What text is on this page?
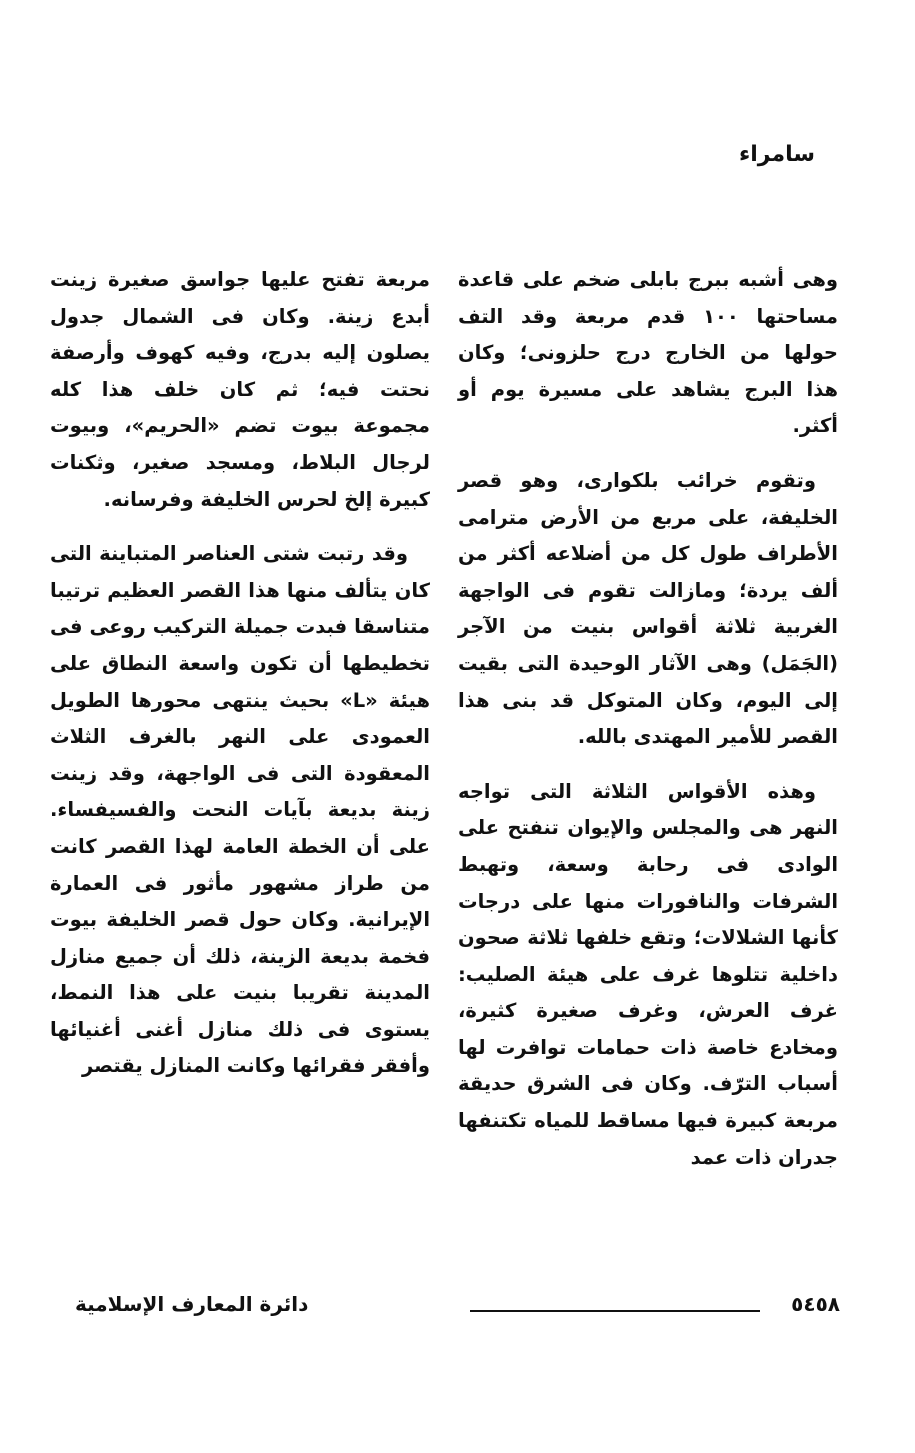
سامراء

وهى أشبه ببرج بابلى ضخم على قاعدة مساحتها ١٠٠ قدم مربعة وقد التف حولها من الخارج درج حلزونى؛ وكان هذا البرج يشاهد على مسيرة يوم أو أكثر.

وتقوم خرائب بلكوارى، وهو قصر الخليفة، على مربع من الأرض مترامى الأطراف طول كل من أضلاعه أكثر من ألف يردة؛ ومازالت تقوم فى الواجهة الغربية ثلاثة أقواس بنيت من الآجر (الجَمَل) وهى الآثار الوحيدة التى بقيت إلى اليوم، وكان المتوكل قد بنى هذا القصر للأمير المهتدى بالله.

وهذه الأقواس الثلاثة التى تواجه النهر هى والمجلس والإيوان تنفتح على الوادى فى رحابة وسعة، وتهبط الشرفات والنافورات منها على درجات كأنها الشلالات؛ وتقع خلفها ثلاثة صحون داخلية تتلوها غرف على هيئة الصليب: غرف العرش، وغرف صغيرة كثيرة، ومخادع خاصة ذات حمامات توافرت لها أسباب الترّف. وكان فى الشرق حديقة مربعة كبيرة فيها مساقط للمياه تكتنفها جدران ذات عمد

مربعة تفتح عليها جواسق صغيرة زينت أبدع زينة. وكان فى الشمال جدول يصلون إليه بدرج، وفيه كهوف وأرصفة نحتت فيه؛ ثم كان خلف هذا كله مجموعة بيوت تضم «الحريم»، وبيوت لرجال البلاط، ومسجد صغير، وثكنات كبيرة إلخ لحرس الخليفة وفرسانه.

وقد رتبت شتى العناصر المتباينة التى كان يتألف منها هذا القصر العظيم ترتيبا متناسقا فبدت جميلة التركيب روعى فى تخطيطها أن تكون واسعة النطاق على هيئة «L» بحيث ينتهى محورها الطويل العمودى على النهر بالغرف الثلاث المعقودة التى فى الواجهة، وقد زينت زينة بديعة بآيات النحت والفسيفساء. على أن الخطة العامة لهذا القصر كانت من طراز مشهور مأثور فى العمارة الإيرانية. وكان حول قصر الخليفة بيوت فخمة بديعة الزينة، ذلك أن جميع منازل المدينة تقريبا بنيت على هذا النمط، يستوى فى ذلك منازل أغنى أغنيائها وأفقر فقرائها وكانت المنازل يقتصر

٥٤٥٨
دائرة المعارف الإسلامية
